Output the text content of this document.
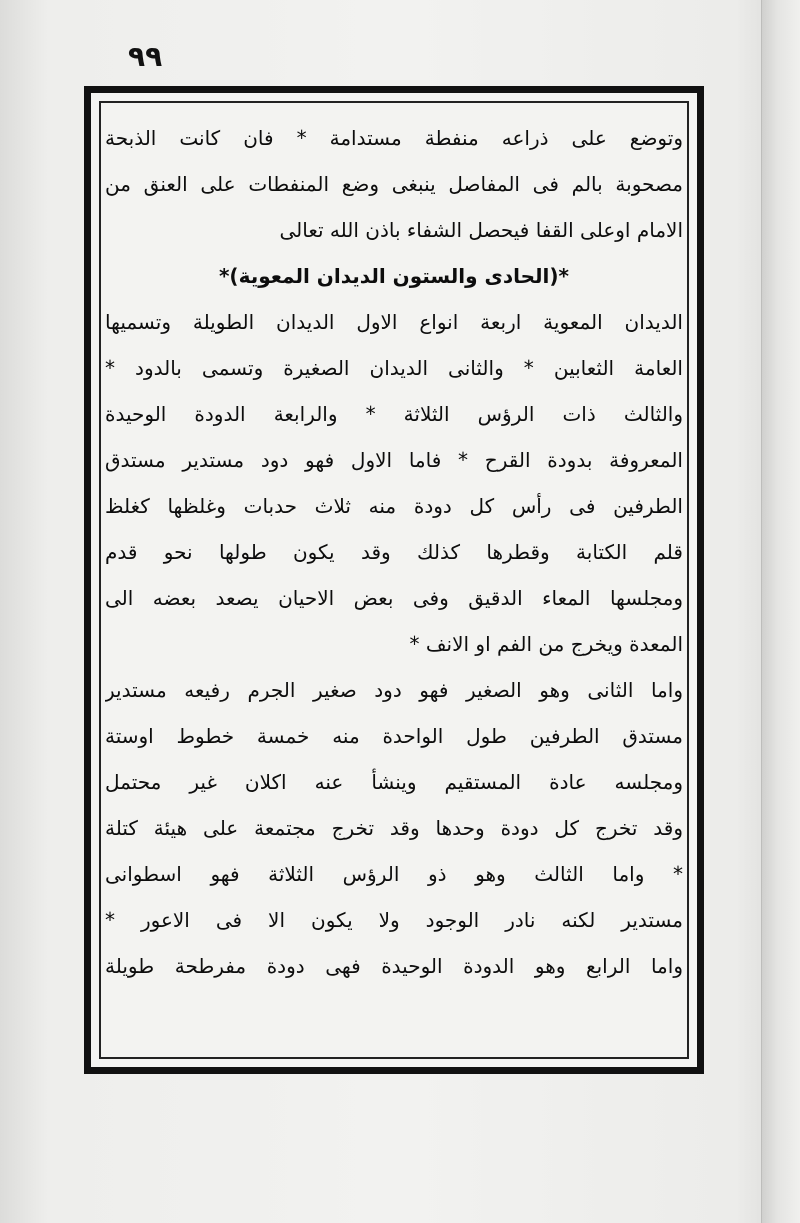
٩٩
وتوضع على ذراعه منفطة مستدامة * فان كانت الذبحة
مصحوبة بالم فى المفاصل ينبغى وضع المنفطات على العنق من
الامام اوعلى القفا فيحصل الشفاء باذن الله تعالى
*(الحادى والستون الديدان المعوية)*
الديدان المعوية اربعة انواع الاول الديدان الطويلة وتسميها
العامة الثعابين * والثانى الديدان الصغيرة وتسمى بالدود *
والثالث ذات الرؤس الثلاثة * والرابعة الدودة الوحيدة
المعروفة بدودة القرح * فاما الاول فهو دود مستدير مستدق
الطرفين فى رأس كل دودة منه ثلاث حدبات وغلظها كغلظ
قلم الكتابة وقطرها كذلك وقد يكون طولها نحو قدم
ومجلسها المعاء الدقيق وفى بعض الاحيان يصعد بعضه الى
المعدة ويخرج من الفم او الانف *
واما الثانى وهو الصغير فهو دود صغير الجرم رفيعه مستدير
مستدق الطرفين طول الواحدة منه خمسة خطوط اوستة
ومجلسه عادة المستقيم وينشأ عنه اكلان غير محتمل
وقد تخرج كل دودة وحدها وقد تخرج مجتمعة على هيئة كتلة
* واما الثالث وهو ذو الرؤس الثلاثة فهو اسطوانى
مستدير لكنه نادر الوجود ولا يكون الا فى الاعور *
واما الرابع وهو الدودة الوحيدة فهى دودة مفرطحة طويلة
